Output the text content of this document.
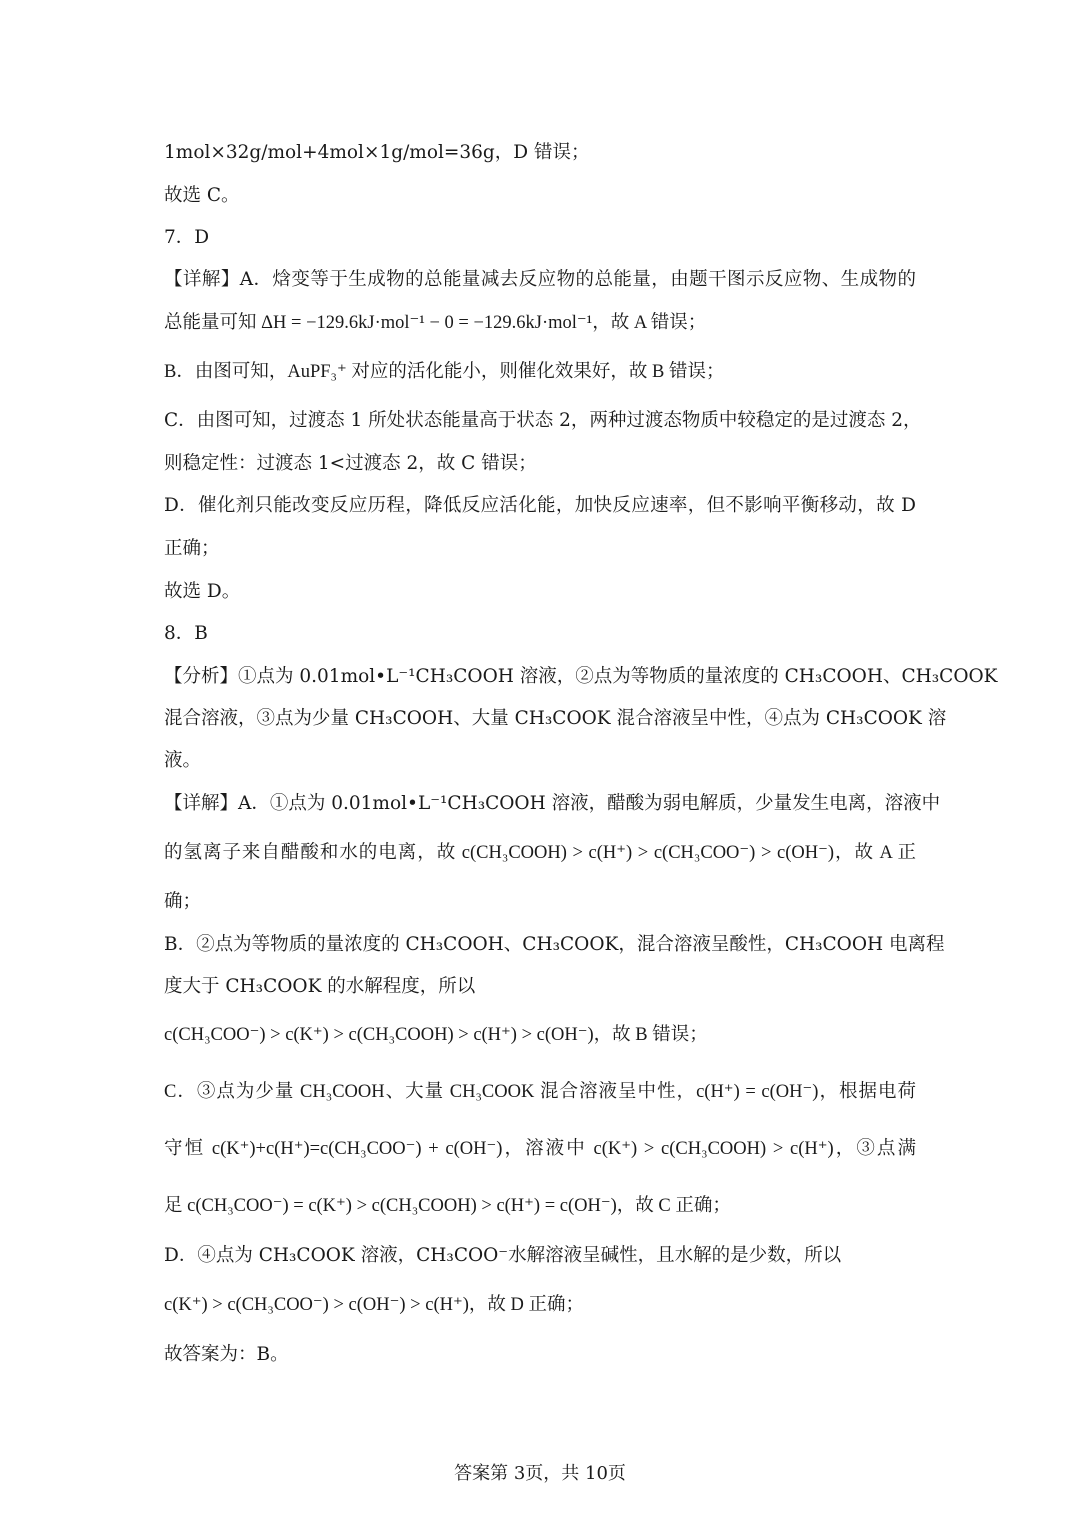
1mol×32g/mol+4mol×1g/mol=36g，D 错误；
故选 C。
7．D
【详解】A．焓变等于生成物的总能量减去反应物的总能量，由题干图示反应物、生成物的
总能量可知 ΔH = −129.6kJ·mol⁻¹ − 0 = −129.6kJ·mol⁻¹，故 A 错误；
B．由图可知，AuPF₃⁺ 对应的活化能小，则催化效果好，故 B 错误；
C．由图可知，过渡态 1 所处状态能量高于状态 2，两种过渡态物质中较稳定的是过渡态 2，
则稳定性：过渡态 1<过渡态 2，故 C 错误；
D．催化剂只能改变反应历程，降低反应活化能，加快反应速率，但不影响平衡移动，故 D
正确；
故选 D。
8．B
【分析】①点为 0.01mol•L⁻¹CH₃COOH 溶液，②点为等物质的量浓度的 CH₃COOH、CH₃COOK
混合溶液，③点为少量 CH₃COOH、大量 CH₃COOK 混合溶液呈中性，④点为 CH₃COOK 溶
液。
【详解】A．①点为 0.01mol•L⁻¹CH₃COOH 溶液，醋酸为弱电解质，少量发生电离，溶液中
的氢离子来自醋酸和水的电离，故 c(CH₃COOH) > c(H⁺) > c(CH₃COO⁻) > c(OH⁻)，故 A 正
确；
B．②点为等物质的量浓度的 CH₃COOH、CH₃COOK，混合溶液呈酸性，CH₃COOH 电离程
度大于 CH₃COOK 的水解程度，所以
c(CH₃COO⁻) > c(K⁺) > c(CH₃COOH) > c(H⁺) > c(OH⁻)，故 B 错误；
C．③点为少量 CH₃COOH、大量 CH₃COOK 混合溶液呈中性，c(H⁺) = c(OH⁻)，根据电荷
守恒 c(K⁺)+c(H⁺)=c(CH₃COO⁻) + c(OH⁻)，溶液中 c(K⁺) > c(CH₃COOH) > c(H⁺)，③点满
足 c(CH₃COO⁻) = c(K⁺) > c(CH₃COOH) > c(H⁺) = c(OH⁻)，故 C 正确；
D．④点为 CH₃COOK 溶液，CH₃COO⁻水解溶液呈碱性，且水解的是少数，所以
c(K⁺) > c(CH₃COO⁻) > c(OH⁻) > c(H⁺)，故 D 正确；
故答案为：B。
答案第 3页，共 10页
